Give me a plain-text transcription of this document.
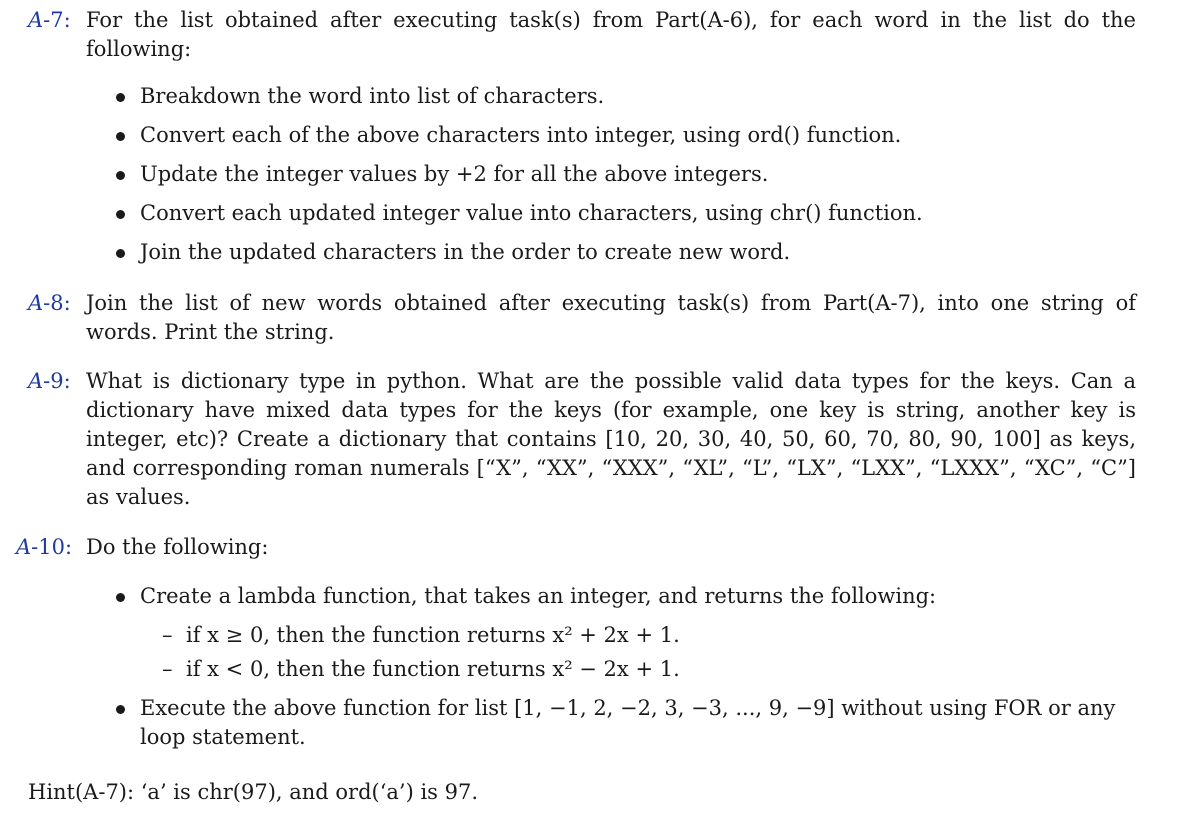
A-7: For the list obtained after executing task(s) from Part(A-6), for each word in the list do the following:

Breakdown the word into list of characters.
Convert each of the above characters into integer, using ord() function.
Update the integer values by +2 for all the above integers.
Convert each updated integer value into characters, using chr() function.
Join the updated characters in the order to create new word.
A-8: Join the list of new words obtained after executing task(s) from Part(A-7), into one string of words. Print the string.

A-9: What is dictionary type in python. What are the possible valid data types for the keys. Can a dictionary have mixed data types for the keys (for example, one key is string, another key is integer, etc)? Create a dictionary that contains [10, 20, 30, 40, 50, 60, 70, 80, 90, 100] as keys, and corresponding roman numerals [“X”, “XX”, “XXX”, “XL”, “L”, “LX”, “LXX”, “LXXX”, “XC”, “C”] as values.

A-10: Do the following:

Create a lambda function, that takes an integer, and returns the following:
– if x ≥ 0, then the function returns x² + 2x + 1.
– if x < 0, then the function returns x² − 2x + 1.
Execute the above function for list [1, −1, 2, −2, 3, −3, ..., 9, −9] without using FOR or any loop statement.
Hint(A-7): ‘a’ is chr(97), and ord(‘a’) is 97.
